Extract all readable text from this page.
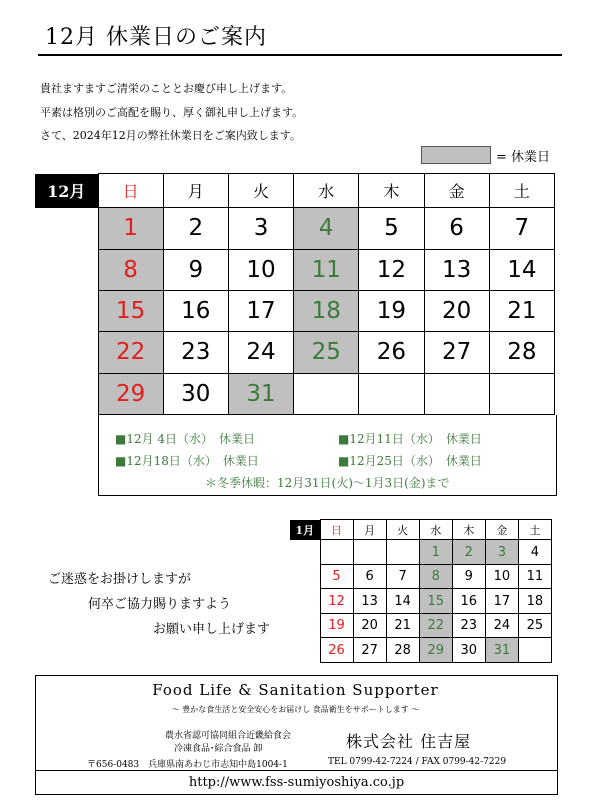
12月 休業日のご案内
貴社ますますご清栄のこととお慶び申し上げます。
平素は格別のご高配を賜り、厚く御礼申し上げます。
さて、2024年12月の弊社休業日をご案内致します。
= 休業日
12月	日	月	火	水	木	金	土
	1	2	3	4	5	6	7
	8	9	10	11	12	13	14
	15	16	17	18	19	20	21
	22	23	24	25	26	27	28
	29	30	31				
■12月 4日（水）　休業日	■12月11日（水）　休業日
■12月18日（水）　休業日	■12月25日（水）　休業日
＊冬季休暇：12月31日(火)〜1月3日(金)まで
1月	日	月	火	水	木	金	土
				1	2	3	4
	5	6	7	8	9	10	11
	12	13	14	15	16	17	18
	19	20	21	22	23	24	25
	26	27	28	29	30	31	
ご迷惑をお掛けしますが
何卒ご協力賜りますよう
お願い申し上げます
Food Life & Sanitation Supporter
〜 豊かな食生活と安全安心をお届けし 食品衛生をサポートします 〜
農水省認可協同組合近畿給食会
冷凍食品･綜合食品 卸	株式会社 住吉屋
〒656-0483　兵庫県南あわじ市志知中島1004-1	TEL 0799-42-7224 / FAX 0799-42-7229
http://www.fss-sumiyoshiya.co.jp
